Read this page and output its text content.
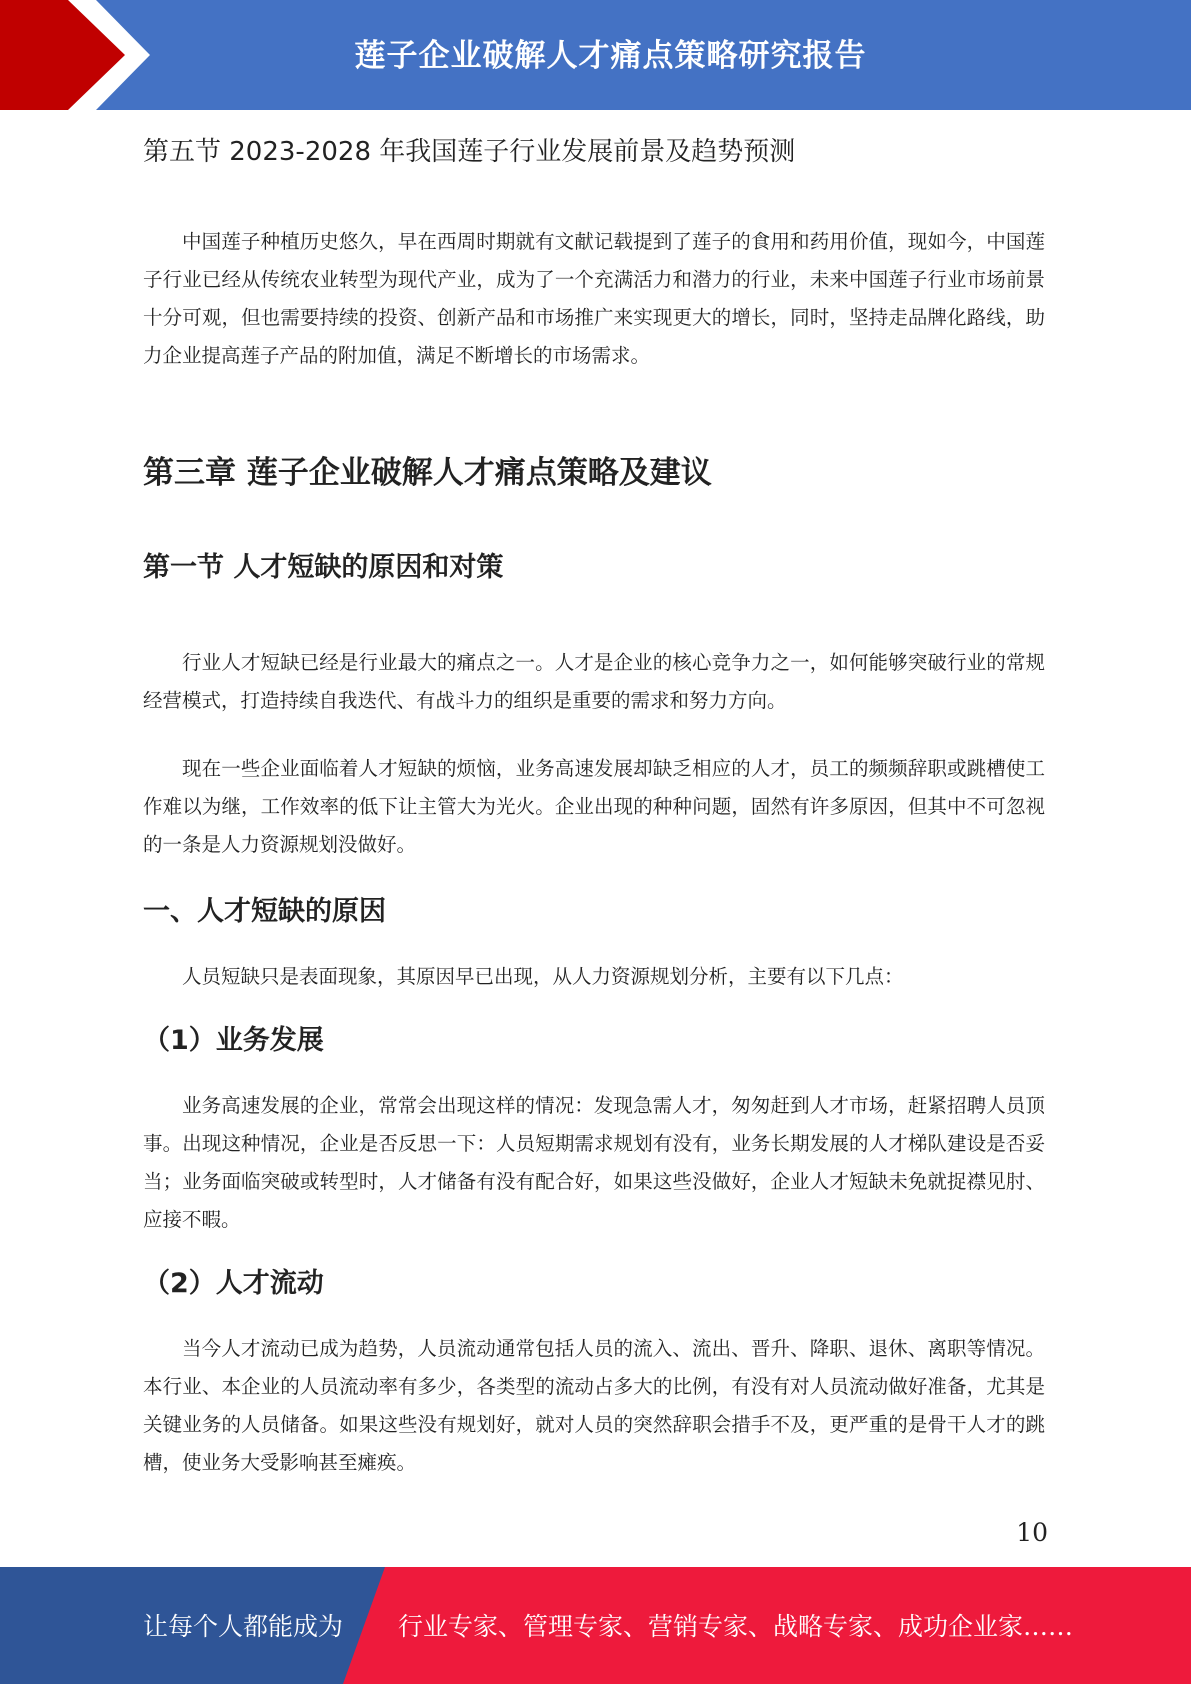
莲子企业破解人才痛点策略研究报告
第五节 2023-2028 年我国莲子行业发展前景及趋势预测

中国莲子种植历史悠久，早在西周时期就有文献记载提到了莲子的食用和药用价值，现如今，中国莲子行业已经从传统农业转型为现代产业，成为了一个充满活力和潜力的行业，未来中国莲子行业市场前景十分可观，但也需要持续的投资、创新产品和市场推广来实现更大的增长，同时，坚持走品牌化路线，助力企业提高莲子产品的附加值，满足不断增长的市场需求。

第三章 莲子企业破解人才痛点策略及建议
第一节 人才短缺的原因和对策

行业人才短缺已经是行业最大的痛点之一。人才是企业的核心竞争力之一，如何能够突破行业的常规经营模式，打造持续自我迭代、有战斗力的组织是重要的需求和努力方向。

现在一些企业面临着人才短缺的烦恼，业务高速发展却缺乏相应的人才，员工的频频辞职或跳槽使工作难以为继，工作效率的低下让主管大为光火。企业出现的种种问题，固然有许多原因，但其中不可忽视的一条是人力资源规划没做好。

一、人才短缺的原因

人员短缺只是表面现象，其原因早已出现，从人力资源规划分析，主要有以下几点：

（1）业务发展

业务高速发展的企业，常常会出现这样的情况：发现急需人才，匆匆赶到人才市场，赶紧招聘人员顶事。出现这种情况，企业是否反思一下：人员短期需求规划有没有，业务长期发展的人才梯队建设是否妥当；业务面临突破或转型时，人才储备有没有配合好，如果这些没做好，企业人才短缺未免就捉襟见肘、应接不暇。

（2）人才流动

当今人才流动已成为趋势，人员流动通常包括人员的流入、流出、晋升、降职、退休、离职等情况。本行业、本企业的人员流动率有多少，各类型的流动占多大的比例，有没有对人员流动做好准备，尤其是关键业务的人员储备。如果这些没有规划好，就对人员的突然辞职会措手不及，更严重的是骨干人才的跳槽，使业务大受影响甚至瘫痪。

10
让每个人都能成为 行业专家、管理专家、营销专家、战略专家、成功企业家……
